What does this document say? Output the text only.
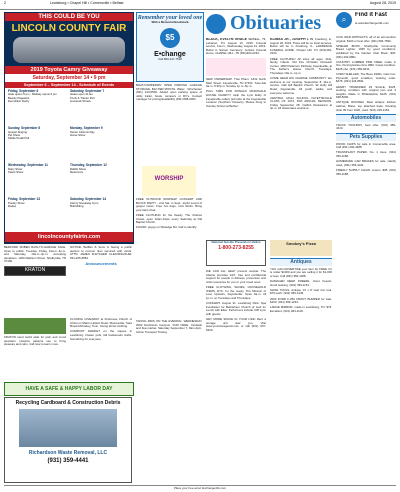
2	Lewisburg • Chapel Hill • Cornersville • Belfast	August 28, 2019
THIS COULD BE YOU
LINCOLN COUNTY FAIR
2019 Toyota Camry Giveaway
Saturday, September 14 • 9 pm
September 6 – September 14 - Schedule of Events
Friday, September 6
Gate opens 5 pm - Midway opens 6 pm
Beauty Pageants
Demolition Derby
Saturday, September 7
Gates open 10 am
Truck & Tractor Pull
Livestock Shows
Sunday, September 8
Gospel Singing
Pet Show
Kiddie Pedal Pull
Monday, September 9
Senior Citizens Day
Horse Show
Wednesday, September 11
Dairy Show
Talent Show
Thursday, September 12
Rabbit Show
Motocross
Friday, September 13
Poultry Show
Rodeo
Saturday, September 14
Camry Giveaway 9 pm
Bull Riding
lincolncountyfairtn.com

BEDFORD RUBEN RAIN-TO-GARAGE SALE. Open to public. Tuesday, Friday, 10a.m.-4p.m. and Saturday, 10a.m.-2p.m. Accepting donations. 1200 Madison Street, Shelbyville, TN 37160.

KRATON

NOTICE: Bellflex & Sons is having a public auction to recover tires serviced with cards. ATTN: JAMES FLETCHER CLEANING/FUEL 931-225-5584.

Announcements

KRATON used world wide for pain and mood elevation. Hospice patients use to bring pleasure and calm. Call now to learn more.

CLOSING GIVEAWAY at Firehouse Church of Christ on Martin Hollow Road, Mooresville, Sara Brook-Mcloskey, Tenn. Giving all tax clothing.

COMPOST MARKET on the square in Lewisburg. Flower pots, fall hardwoods crafts. Something for everyone.

HAVE A SAFE & HAPPY LABOR DAY
Recycling Cardboard & Construction Debris
Richardson Waste Removal, LLC
(931) 359-4441
Remember your loved one
With a Memorial Bookmark
$5
E•change
Call 800-247-7518

BOAT/CAMPER/RV OPEN PARKING GARAGE STORAGE, $32 PER MONTH. Water - Winchester (931) 313-6500. Added open parking space of utility trailer, boats, campers or RV's. Contact manager for pricing/availability (931) 808-2002.

WORSHIP

FREE OUTDOOR WORSHIP CONCERT AND BLOCK PARTY - 2nd Sat. in Sept. Joyful sound of gospel music. Free hot dogs, cold drinks. Bring your lawn chair.

FREE CLOTHING for the Needy. The Clothes Closet, open 10am-12pm every Saturday at Old Baptist Church.

FOUND: puppy on Rutledge Rd. Call to identify.

TAKING RIDS ON THE EVENING, WEDNESDAY 2062 Dutchman Campus. FOR FREE. Yardsale and flea market. Saturday September 7, 8am-2pm. Action Transport Towing.

Obituaries

BLACK, EVELYN GRACE SEWELL, 79, Lebanon, TN. August 16, 2019. Funeral service, 11a.m., Wednesday, August 21, 2019. Burial in Sunset Cemetery. Jenkins Funeral Home. CHAPEL HILL, TN (931)364-2233.

NEW OWNERSHIP. Thai Pham. 1812 North Main Street, Fayetteville, TN 37334. Tues-Sat 9a.m.-5:30p.m. Sunday 1p.m.-5p.m.

PULL TABS FOR RONALD MCDONALD HOUSE CHARITY. Help the Lynn Eddy of Fayetteville collect pull tabs at the Fayetteville Location (Southern Flowers). Please bring to Sunday School at Bethel.

KLIMAS JR., JOSEPH I. 99, Freeburg, IL, August 18, 2019. There will be no local services. Burial will be in Freeburg, IL. LAWRENCE FUNERAL HOME, Chapel Hill, TN (931)364-2233.

FREE CLOTHING! All sizes all ages. Kids, family, infants. Old Fire Christian Outreach Center, 1990 Patterson Parkway, Fayetteville, at The Father's House Church. Tuesdays, Thursdays 10a.m.-1p.m.

COME HEAR HIS CHARGE COMMUNITY are welcome to our meeting. September 8. 11a.m. service. Oak Hill Baptist Church. 92 Holly Hill Road, Fayetteville. All youth, adults, and everyone welcome.

CENTRAL HIGH SCHOOL FAYETTEVILLE CLASS OF 1974, 45th ANNUAL REUNION. Friday September 28. Catfish Restaurant at 4p.m. All classmates welcome.

National Suicide Prevention Lifeline
1-800-273-8255

WE CAN ALL HELP prevent suicide. The Lifeline provides 24/7, free and confidential support for people in distress, prevention and crisis resources for you or your loved ones.

FREE CLOTHING, SHOES, HOUSEHOLD ITEMS, ETC. for the needy. The Mission of Love Upstairs, Fayetteville. Open 9a.m. till 1p.m. on Tuesdays and Thursdays.

CONCERT. August 31. Lewisburg Park. Spa Fundraiser for Bethlehem Church of God for Lunch with Elise. Performers include Cliff Lynn with guests.

GET MORE SPACE IN YOUR LIFE! Rent a storage unit near you. Visit www.yourstorageunit.com or call (931) 607-6420.

Smokey's Pizza
Antiques

YOU CAN ADVERTISE your item for FREE if it is under $1000 and you are selling it for $1,000 or less. Call (931) 359-1188.

DAMAGED DEEP FREEZE, chest freezer. Good working. (931) 359-1151.

SHOE TOOLS, Antique 14' x 8' cast iron tool. $75 each. (931) 359-1245.

2003 FORD F-250 FRONT BUMPER for sale. $100. (931) 359-1234.

LARGE MIRROR, made in Lewisburg, TN. $75. Excellent. (931) 284-1118.

⌕	Find it Fast
at www.Exchange411.com

CIVIL WAR ARTIFACTS, all of an ammunition original. $100 or best offer. (931) 684-7690.

SPIELER BOOK, Shelbyville Community Bread Lighter, 1935 by good conditions, published by the Garden Club Book. $30. (931) 292-6891.

COUNTRY LUMBER PIPE FREE, made in Ore. Pennsylvania circa 1890. Great condition. $325 obo. (931) 359-6641.

CORN SHELLER, The Boss 1900s, Cast iron, Plymouth, good condition, working order. $475. (931) 224-8811.

HENRY TROEMNER #3 SCALE, $125, working condition with original pan and 3 weights. Made in Philadelphia. $125. (931) 638-5090.

ANTIQUE ROCKER, Real antique kitchen cabinet, Boise, top attached base. Rocking chair #9 from 1920, used. (931) 225-1154.

Automobiles

TRUCK TOOLBOX, best offer. (931) 359-4410.

Pets Supplies

WOOD CHIPS for sale in Cornersville area. Call (931) 293-4488.

TRANSPLANT PAPER, No. 1 trees. (931) 359-1188.

HOMEMADE CAR BRAKES for sale. Hardly used. (931) 359-4441.

FIREFLY SUPPLY CHAIN, Lowe's. $95. (931) 359-1188.

Place your free ad at: Exchange411.com
